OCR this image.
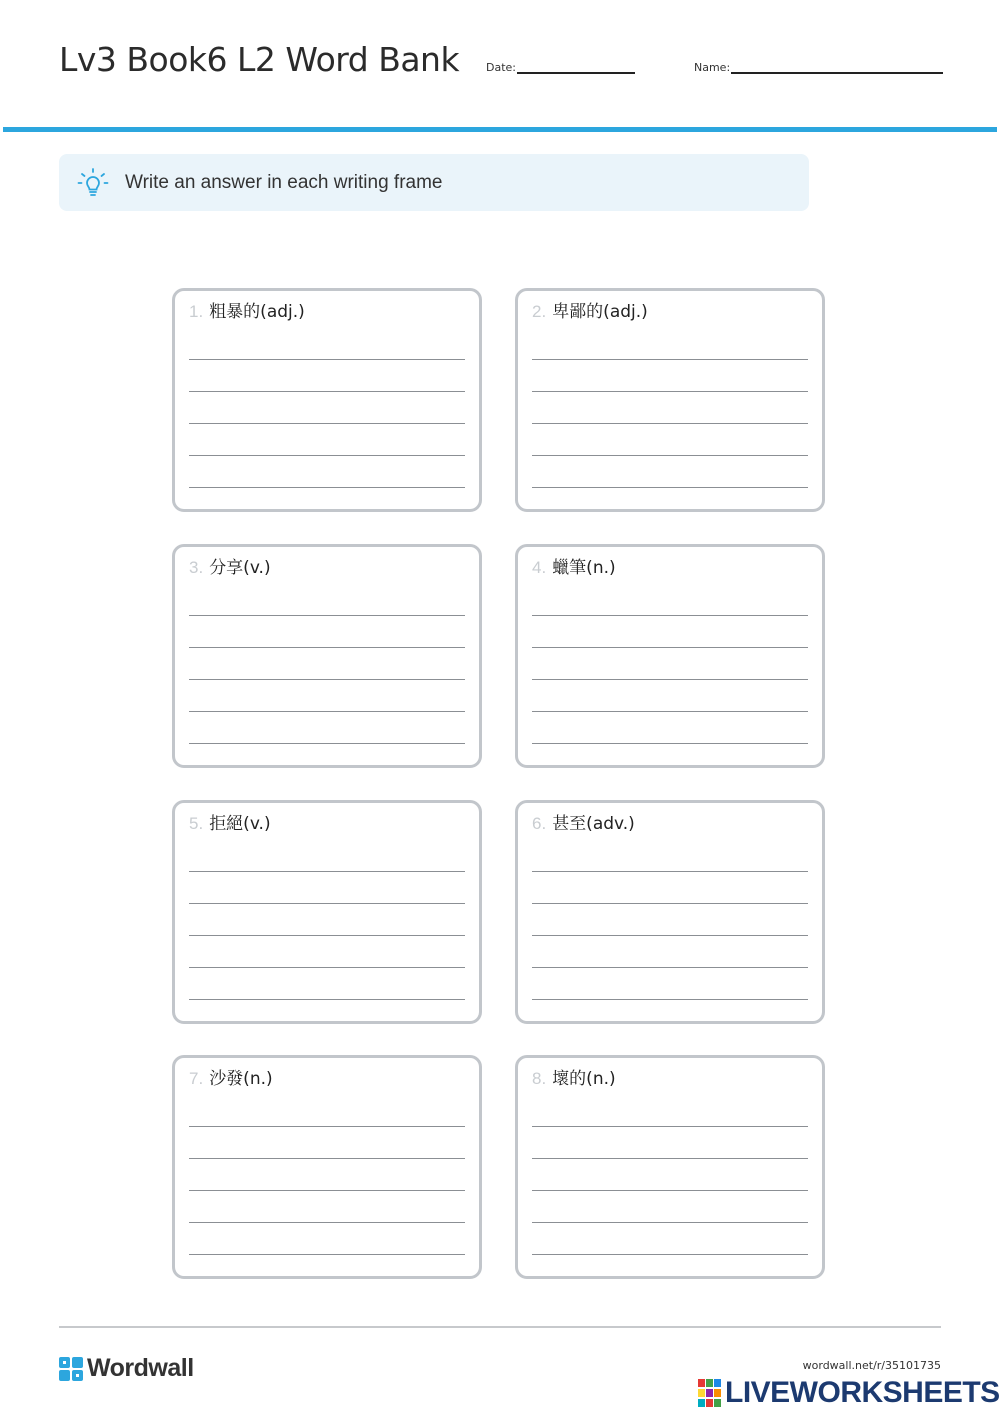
Lv3 Book6 L2 Word Bank Date:	Name:
Write an answer in each writing frame
1. 粗暴的(adj.)	2. 卑鄙的(adj.)
3. 分享(v.)	4. 蠟筆(n.)
5. 拒絕(v.)	6. 甚至(adv.)
7. 沙發(n.)	8. 壞的(n.)
Wordwall	wordwall.net/r/35101735
LIVEWORKSHEETS
